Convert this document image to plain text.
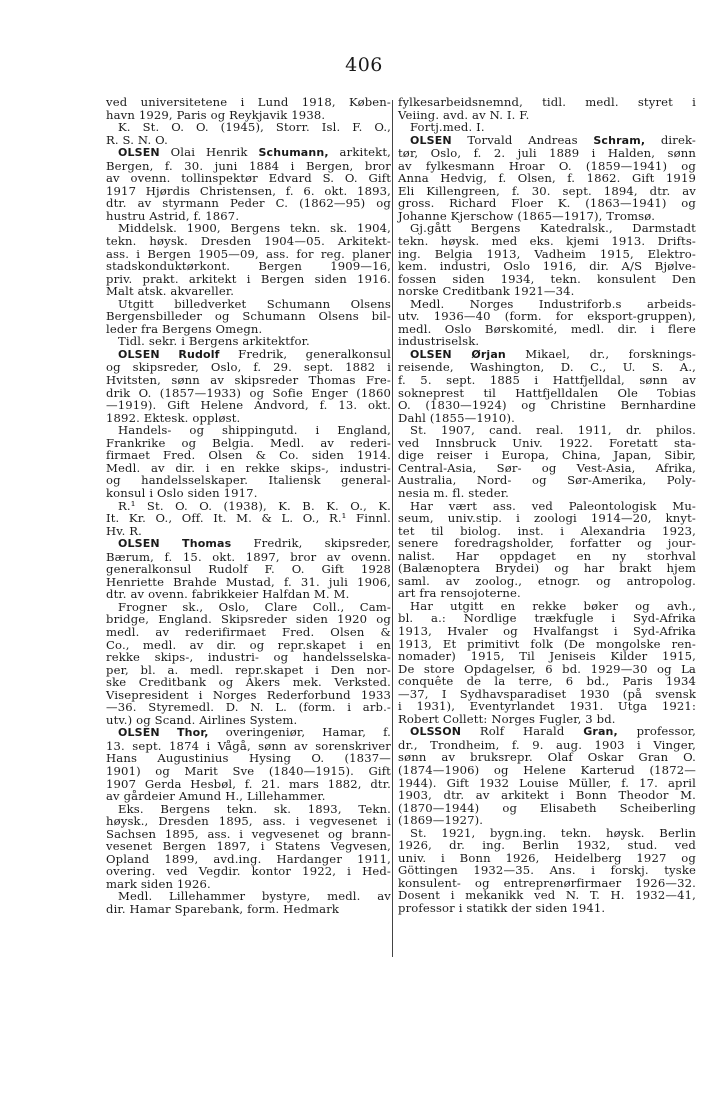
406
ved universitetene i Lund 1918, Køben-
havn 1929, Paris og Reykjavik 1938.
K. St. O. O. (1945), Storr. Isl. F. O.,
R. S. N. O.
OLSEN Olai Henrik Schumann, arkitekt,
Bergen, f. 30. juni 1884 i Bergen, bror
av ovenn. tollinspektør Edvard S. O. Gift
1917 Hjørdis Christensen, f. 6. okt. 1893,
dtr. av styrmann Peder C. (1862—95) og
hustru Astrid, f. 1867.
Middelsk. 1900, Bergens tekn. sk. 1904,
tekn. høysk. Dresden 1904—05. Arkitekt-
ass. i Bergen 1905—09, ass. for reg. planer
stadskonduktørkont. Bergen 1909—16,
priv. prakt. arkitekt i Bergen siden 1916.
Malt atsk. akvareller.
Utgitt billedverket Schumann Olsens
Bergensbilleder og Schumann Olsens bil-
leder fra Bergens Omegn.
Tidl. sekr. i Bergens arkitektfor.
OLSEN Rudolf Fredrik, generalkonsul
og skipsreder, Oslo, f. 29. sept. 1882 i
Hvitsten, sønn av skipsreder Thomas Fre-
drik O. (1857—1933) og Sofie Enger (1860
—1919). Gift Helene Andvord, f. 13. okt.
1892. Ektesk. oppløst.
Handels- og shippingutd. i England,
Frankrike og Belgia. Medl. av rederi-
firmaet Fred. Olsen & Co. siden 1914.
Medl. av dir. i en rekke skips-, industri-
og handelsselskaper. Italiensk general-
konsul i Oslo siden 1917.
R.¹ St. O. O. (1938), K. B. K. O., K.
It. Kr. O., Off. It. M. & L. O., R.¹ Finnl.
Hv. R.
OLSEN Thomas Fredrik, skipsreder,
Bærum, f. 15. okt. 1897, bror av ovenn.
generalkonsul Rudolf F. O. Gift 1928
Henriette Brahde Mustad, f. 31. juli 1906,
dtr. av ovenn. fabrikkeier Halfdan M. M.
Frogner sk., Oslo, Clare Coll., Cam-
bridge, England. Skipsreder siden 1920 og
medl. av rederifirmaet Fred. Olsen &
Co., medl. av dir. og repr.skapet i en
rekke skips-, industri- og handelsselska-
per, bl. a. medl. repr.skapet i Den nor-
ske Creditbank og Akers mek. Verksted.
Visepresident i Norges Rederforbund 1933
—36. Styremedl. D. N. L. (form. i arb.-
utv.) og Scand. Airlines System.
OLSEN Thor, overingeniør, Hamar, f.
13. sept. 1874 i Vågå, sønn av sorenskriver
Hans Augustinius Hysing O. (1837—
1901) og Marit Sve (1840—1915). Gift
1907 Gerda Hesbøl, f. 21. mars 1882, dtr.
av gårdeier Amund H., Lillehammer.
Eks. Bergens tekn. sk. 1893, Tekn.
høysk., Dresden 1895, ass. i vegvesenet i
Sachsen 1895, ass. i vegvesenet og brann-
vesenet Bergen 1897, i Statens Vegvesen,
Opland 1899, avd.ing. Hardanger 1911,
overing. ved Vegdir. kontor 1922, i Hed-
mark siden 1926.
Medl. Lillehammer bystyre, medl. av
dir. Hamar Sparebank, form. Hedmark
fylkesarbeidsnemnd, tidl. medl. styret i
Veiing. avd. av N. I. F.
Fortj.med. I.
OLSEN Torvald Andreas Schram, direk-
tør, Oslo, f. 2. juli 1889 i Halden, sønn
av fylkesmann Hroar O. (1859—1941) og
Anna Hedvig, f. Olsen, f. 1862. Gift 1919
Eli Killengreen, f. 30. sept. 1894, dtr. av
gross. Richard Floer K. (1863—1941) og
Johanne Kjerschow (1865—1917), Tromsø.
Gj.gått Bergens Katedralsk., Darmstadt
tekn. høysk. med eks. kjemi 1913. Drifts-
ing. Belgia 1913, Vadheim 1915, Elektro-
kem. industri, Oslo 1916, dir. A/S Bjølve-
fossen siden 1934, tekn. konsulent Den
norske Creditbank 1921—34.
Medl. Norges Industriforb.s arbeids-
utv. 1936—40 (form. for eksport-gruppen),
medl. Oslo Børskomité, medl. dir. i flere
industriselsk.
OLSEN Ørjan Mikael, dr., forsknings-
reisende, Washington, D. C., U. S. A.,
f. 5. sept. 1885 i Hattfjelldal, sønn av
sokneprest til Hattfjelldalen Ole Tobias
O. (1830—1924) og Christine Bernhardine
Dahl (1855—1910).
St. 1907, cand. real. 1911, dr. philos.
ved Innsbruck Univ. 1922. Foretatt sta-
dige reiser i Europa, China, Japan, Sibir,
Central-Asia, Sør- og Vest-Asia, Afrika,
Australia, Nord- og Sør-Amerika, Poly-
nesia m. fl. steder.
Har vært ass. ved Paleontologisk Mu-
seum, univ.stip. i zoologi 1914—20, knyt-
tet til biolog. inst. i Alexandria 1923,
senere foredragsholder, forfatter og jour-
nalist. Har oppdaget en ny storhval
(Balænoptera Brydei) og har brakt hjem
saml. av zoolog., etnogr. og antropolog.
art fra rensojoterne.
Har utgitt en rekke bøker og avh.,
bl. a.: Nordlige trækfugle i Syd-Afrika
1913, Hvaler og Hvalfangst i Syd-Afrika
1913, Et primitivt folk (De mongolske ren-
nomader) 1915, Til Jeniseis Kilder 1915,
De store Opdagelser, 6 bd. 1929—30 og La
conquête de la terre, 6 bd., Paris 1934
—37, I Sydhavsparadiset 1930 (på svensk
i 1931), Eventyrlandet 1931. Utga 1921:
Robert Collett: Norges Fugler, 3 bd.
OLSSON Rolf Harald Gran, professor,
dr., Trondheim, f. 9. aug. 1903 i Vinger,
sønn av bruksrepr. Olaf Oskar Gran O.
(1874—1906) og Helene Karterud (1872—
1944). Gift 1932 Louise Müller, f. 17. april
1903, dtr. av arkitekt i Bonn Theodor M.
(1870—1944) og Elisabeth Scheiberling
(1869—1927).
St. 1921, bygn.ing. tekn. høysk. Berlin
1926, dr. ing. Berlin 1932, stud. ved
univ. i Bonn 1926, Heidelberg 1927 og
Göttingen 1932—35. Ans. i forskj. tyske
konsulent- og entreprenørfirmaer 1926—32.
Dosent i mekanikk ved N. T. H. 1932—41,
professor i statikk der siden 1941.
